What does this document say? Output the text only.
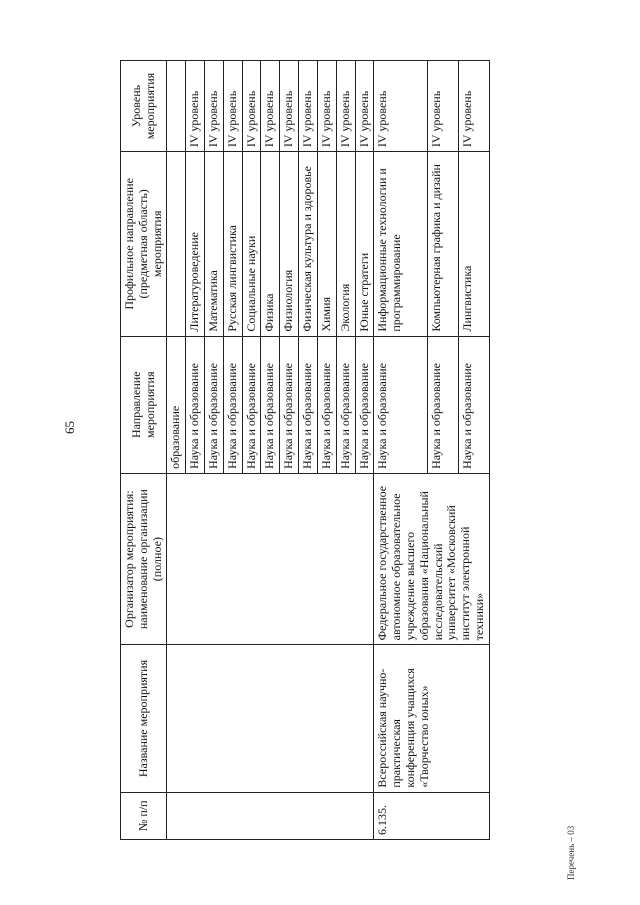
65
№ п/п	Название мероприятия	Организатор мероприятия: наименование организации (полное)	Направление мероприятия	Профильное направление (предметная область) мероприятия	Уровень мероприятия
			образование		
			Наука и образование	Литературоведение	IV уровень
			Наука и образование	Математика	IV уровень
			Наука и образование	Русская лингвистика	IV уровень
			Наука и образование	Социальные науки	IV уровень
			Наука и образование	Физика	IV уровень
			Наука и образование	Физиология	IV уровень
			Наука и образование	Физическая культура и здоровье	IV уровень
			Наука и образование	Химия	IV уровень
			Наука и образование	Экология	IV уровень
			Наука и образование	Юные стратеги	IV уровень
6.135.	Всероссийская научно-практическая конференция учащихся «Творчество юных»	Федеральное государственное автономное образовательное учреждение высшего образования «Национальный исследовательский университет «Московский институт электронной техники»	Наука и образование	Информационные технологии и программирование	IV уровень
			Наука и образование	Компьютерная графика и дизайн	IV уровень
			Наука и образование	Лингвистика	IV уровень
Перечень – 03
